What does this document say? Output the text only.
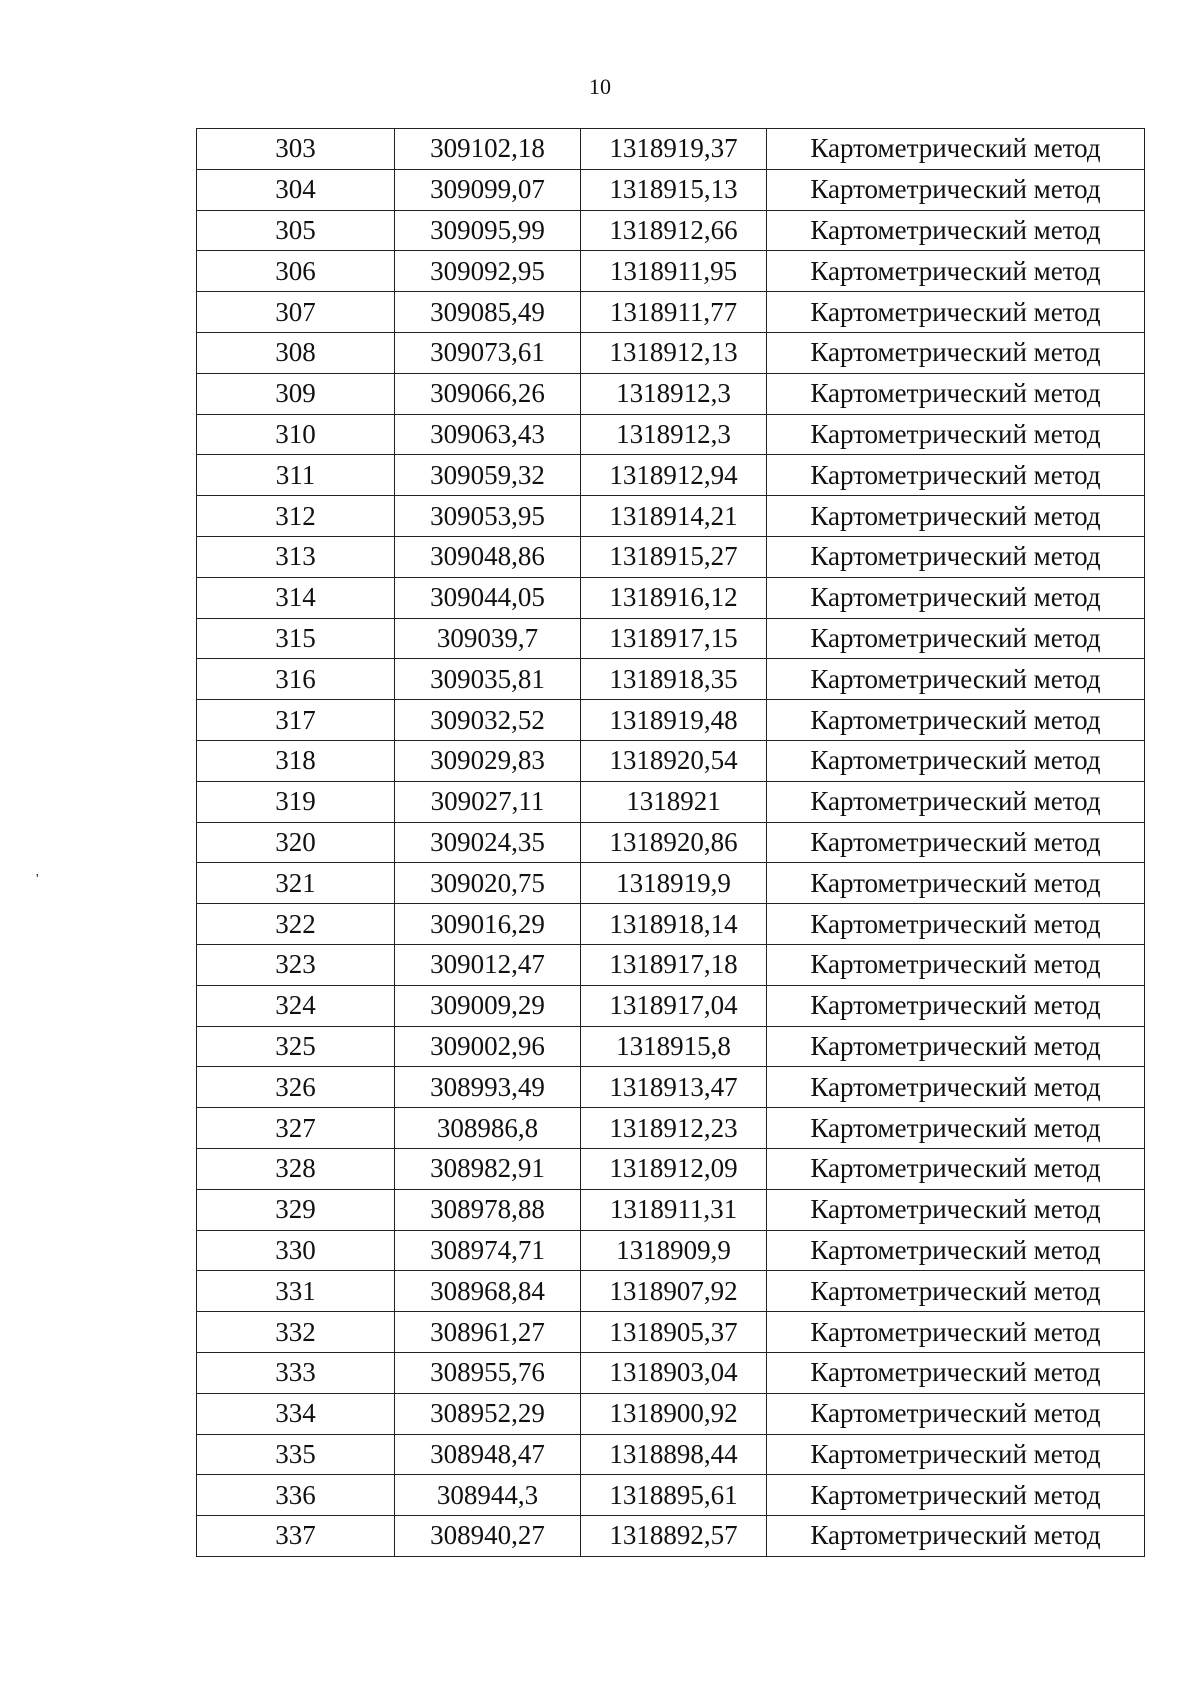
10
'
303	309102,18	1318919,37	Картометрический метод
304	309099,07	1318915,13	Картометрический метод
305	309095,99	1318912,66	Картометрический метод
306	309092,95	1318911,95	Картометрический метод
307	309085,49	1318911,77	Картометрический метод
308	309073,61	1318912,13	Картометрический метод
309	309066,26	1318912,3	Картометрический метод
310	309063,43	1318912,3	Картометрический метод
311	309059,32	1318912,94	Картометрический метод
312	309053,95	1318914,21	Картометрический метод
313	309048,86	1318915,27	Картометрический метод
314	309044,05	1318916,12	Картометрический метод
315	309039,7	1318917,15	Картометрический метод
316	309035,81	1318918,35	Картометрический метод
317	309032,52	1318919,48	Картометрический метод
318	309029,83	1318920,54	Картометрический метод
319	309027,11	1318921	Картометрический метод
320	309024,35	1318920,86	Картометрический метод
321	309020,75	1318919,9	Картометрический метод
322	309016,29	1318918,14	Картометрический метод
323	309012,47	1318917,18	Картометрический метод
324	309009,29	1318917,04	Картометрический метод
325	309002,96	1318915,8	Картометрический метод
326	308993,49	1318913,47	Картометрический метод
327	308986,8	1318912,23	Картометрический метод
328	308982,91	1318912,09	Картометрический метод
329	308978,88	1318911,31	Картометрический метод
330	308974,71	1318909,9	Картометрический метод
331	308968,84	1318907,92	Картометрический метод
332	308961,27	1318905,37	Картометрический метод
333	308955,76	1318903,04	Картометрический метод
334	308952,29	1318900,92	Картометрический метод
335	308948,47	1318898,44	Картометрический метод
336	308944,3	1318895,61	Картометрический метод
337	308940,27	1318892,57	Картометрический метод
